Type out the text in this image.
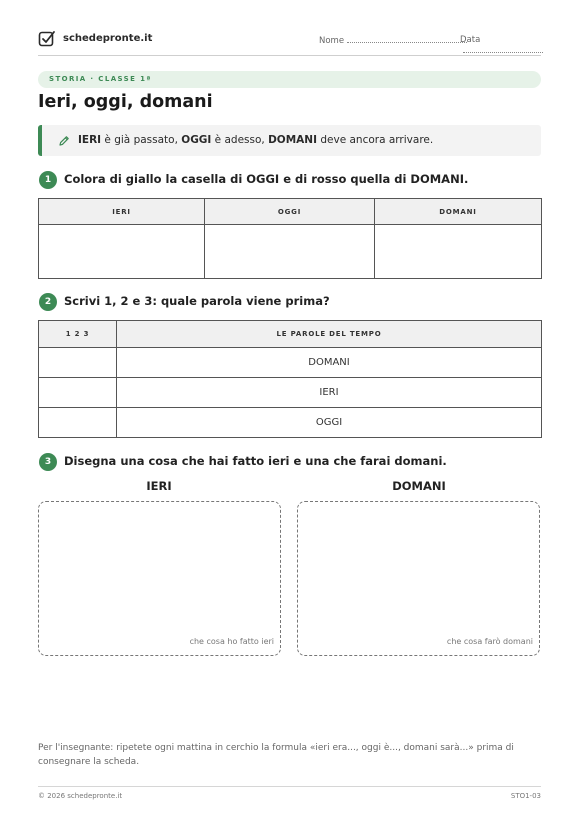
schedepronte.it	Nome	Data
STORIA · CLASSE 1ª
Ieri, oggi, domani
IERI è già passato, OGGI è adesso, DOMANI deve ancora arrivare.
1	Colora di giallo la casella di OGGI e di rosso quella di DOMANI.
IERI	OGGI	DOMANI

2	Scrivi 1, 2 e 3: quale parola viene prima?
1 2 3	LE PAROLE DEL TEMPO
	DOMANI
	IERI
	OGGI
3	Disegna una cosa che hai fatto ieri e una che farai domani.
IERI	DOMANI
che cosa ho fatto ieri	che cosa farò domani
Per l'insegnante: ripetete ogni mattina in cerchio la formula «ieri era..., oggi è..., domani sarà...» prima di consegnare la scheda.
© 2026 schedepronte.it	STO1-03
